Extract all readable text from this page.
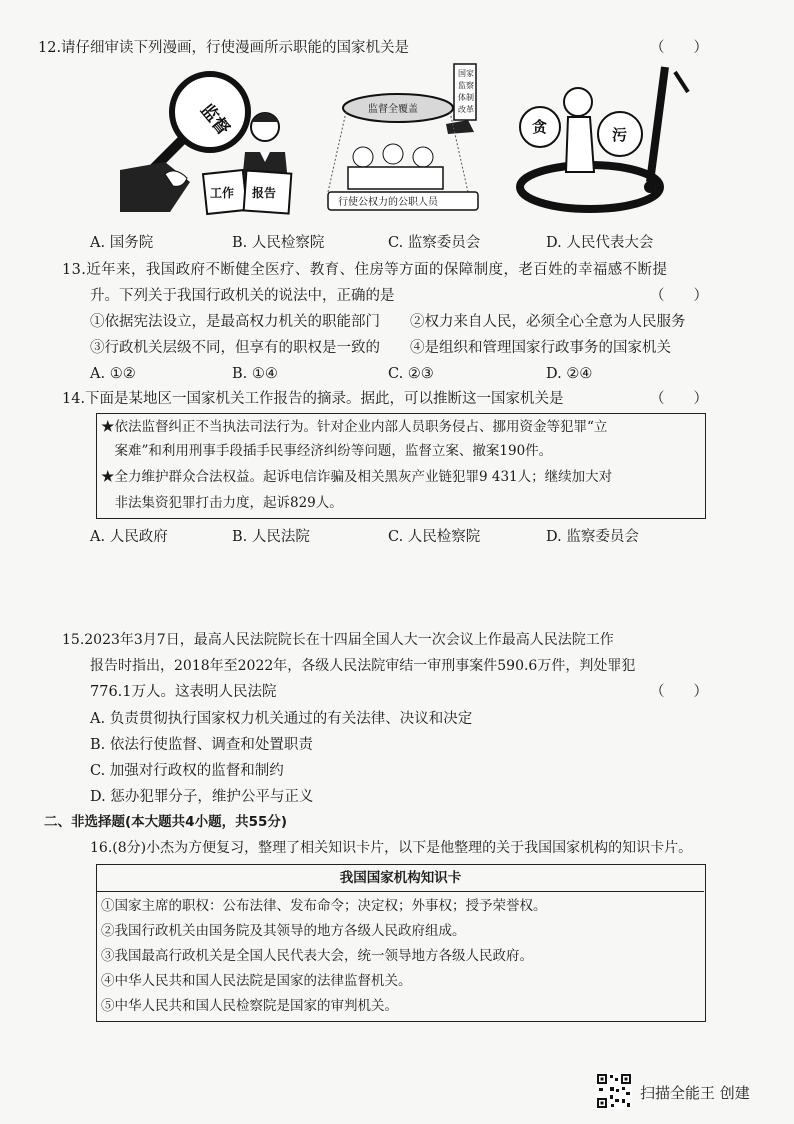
12.请仔细审读下列漫画，行使漫画所示职能的国家机关是	（　　）
监督
工作 报告
国家
监察
体制
改革
监督全覆盖
行使公权力的公职人员
贪	污
A. 国务院	B. 人民检察院	C. 监察委员会	D. 人民代表大会
13.近年来，我国政府不断健全医疗、教育、住房等方面的保障制度，老百姓的幸福感不断提
升。下列关于我国行政机关的说法中，正确的是	（　　）
①依据宪法设立，是最高权力机关的职能部门 ②权力来自人民，必须全心全意为人民服务
③行政机关层级不同，但享有的职权是一致的 ④是组织和管理国家行政事务的国家机关
A. ①②	B. ①④	C. ②③	D. ②④
14.下面是某地区一国家机关工作报告的摘录。据此，可以推断这一国家机关是	（　　）
★依法监督纠正不当执法司法行为。针对企业内部人员职务侵占、挪用资金等犯罪“立
　案难”和利用刑事手段插手民事经济纠纷等问题，监督立案、撤案190件。
★全力维护群众合法权益。起诉电信诈骗及相关黑灰产业链犯罪9 431人；继续加大对
　非法集资犯罪打击力度，起诉829人。
A. 人民政府	B. 人民法院	C. 人民检察院	D. 监察委员会
15.2023年3月7日，最高人民法院院长在十四届全国人大一次会议上作最高人民法院工作
报告时指出，2018年至2022年，各级人民法院审结一审刑事案件590.6万件，判处罪犯
776.1万人。这表明人民法院	（　　）
A. 负责贯彻执行国家权力机关通过的有关法律、决议和决定
B. 依法行使监督、调查和处置职责
C. 加强对行政权的监督和制约
D. 惩办犯罪分子，维护公平与正义
二、非选择题(本大题共4小题，共55分)
16.(8分)小杰为方便复习，整理了相关知识卡片，以下是他整理的关于我国国家机构的知识卡片。
我国国家机构知识卡
①国家主席的职权：公布法律、发布命令；决定权；外事权；授予荣誉权。
②我国行政机关由国务院及其领导的地方各级人民政府组成。
③我国最高行政机关是全国人民代表大会，统一领导地方各级人民政府。
④中华人民共和国人民法院是国家的法律监督机关。
⑤中华人民共和国人民检察院是国家的审判机关。
扫描全能王 创建
